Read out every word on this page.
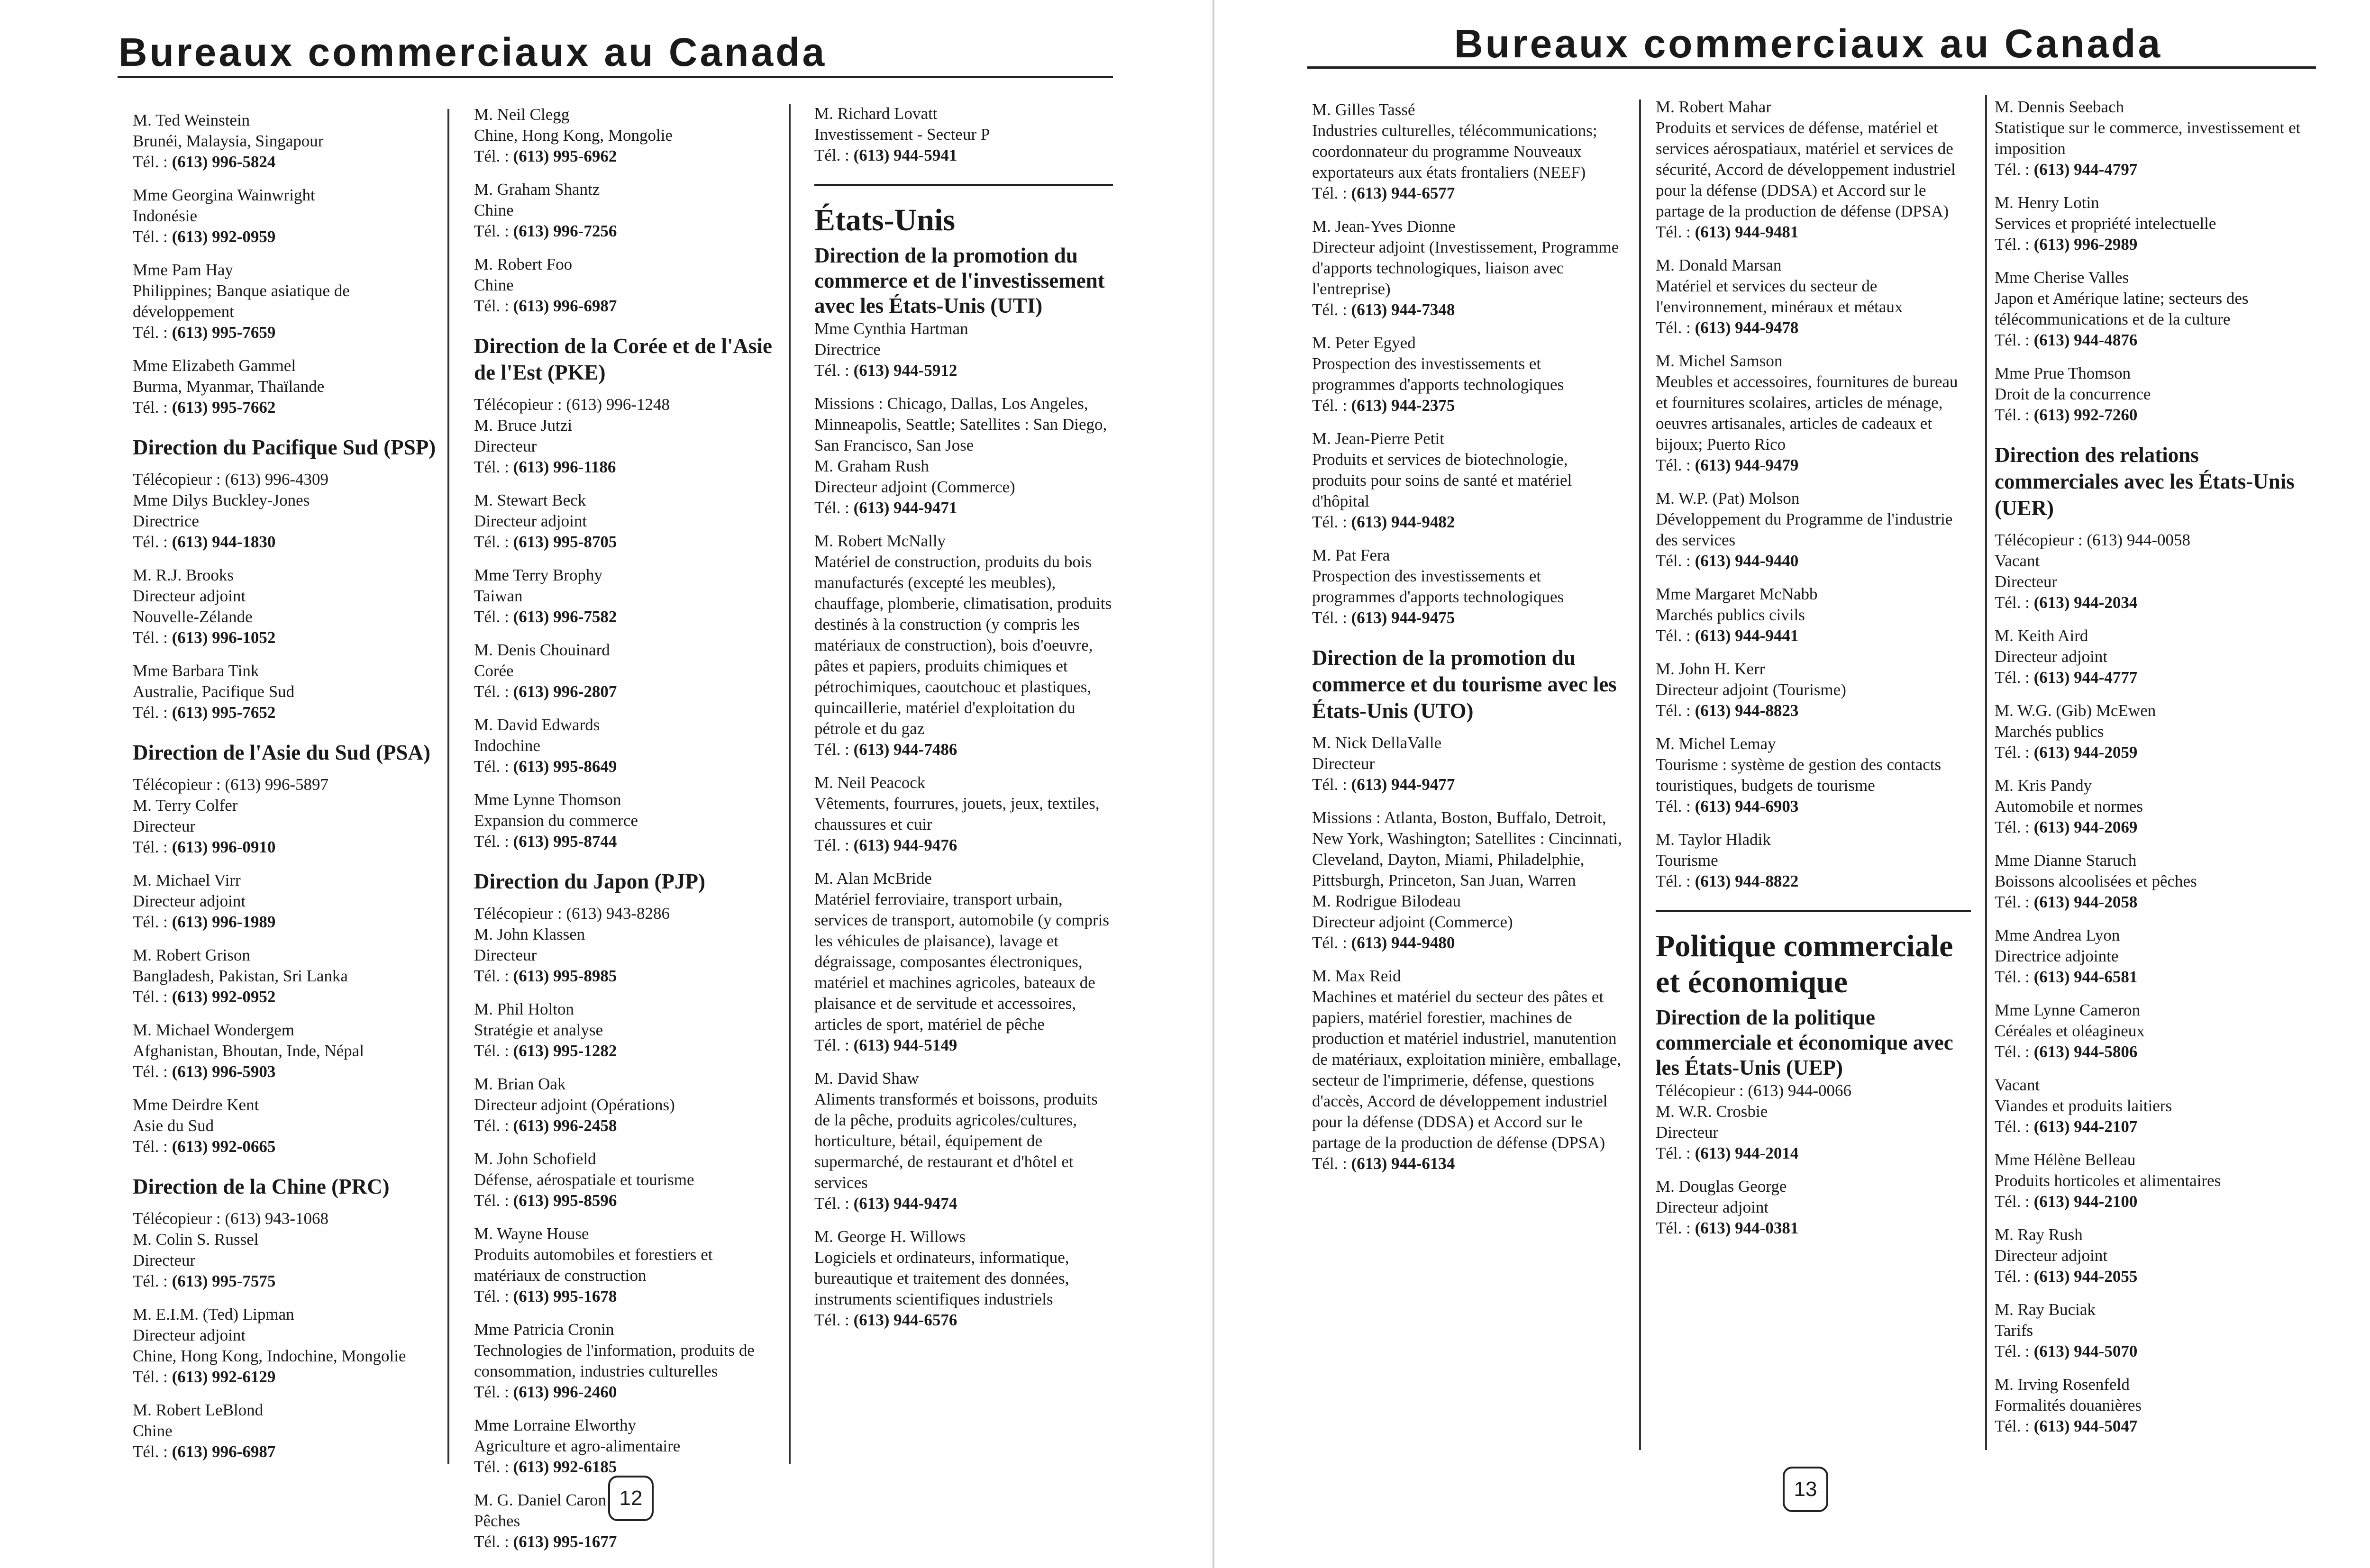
Bureaux commerciaux au Canada

M. Ted Weinstein

Brunéi, Malaysia, Singapour

Tél. : (613) 996-5824

Mme Georgina Wainwright

Indonésie

Tél. : (613) 992-0959

Mme Pam Hay

Philippines; Banque asiatique de développement

Tél. : (613) 995-7659

Mme Elizabeth Gammel

Burma, Myanmar, Thaïlande

Tél. : (613) 995-7662

Direction du Pacifique Sud (PSP)

Télécopieur : (613) 996-4309

Mme Dilys Buckley-Jones

Directrice

Tél. : (613) 944-1830

M. R.J. Brooks

Directeur adjoint

Nouvelle-Zélande

Tél. : (613) 996-1052

Mme Barbara Tink

Australie, Pacifique Sud

Tél. : (613) 995-7652

Direction de l'Asie du Sud (PSA)

Télécopieur : (613) 996-5897

M. Terry Colfer

Directeur

Tél. : (613) 996-0910

M. Michael Virr

Directeur adjoint

Tél. : (613) 996-1989

M. Robert Grison

Bangladesh, Pakistan, Sri Lanka

Tél. : (613) 992-0952

M. Michael Wondergem

Afghanistan, Bhoutan, Inde, Népal

Tél. : (613) 996-5903

Mme Deirdre Kent

Asie du Sud

Tél. : (613) 992-0665

Direction de la Chine (PRC)

Télécopieur : (613) 943-1068

M. Colin S. Russel

Directeur

Tél. : (613) 995-7575

M. E.I.M. (Ted) Lipman

Directeur adjoint

Chine, Hong Kong, Indochine, Mongolie

Tél. : (613) 992-6129

M. Robert LeBlond

Chine

Tél. : (613) 996-6987

M. Neil Clegg

Chine, Hong Kong, Mongolie

Tél. : (613) 995-6962

M. Graham Shantz

Chine

Tél. : (613) 996-7256

M. Robert Foo

Chine

Tél. : (613) 996-6987

Direction de la Corée et de l'Asie de l'Est (PKE)

Télécopieur : (613) 996-1248

M. Bruce Jutzi

Directeur

Tél. : (613) 996-1186

M. Stewart Beck

Directeur adjoint

Tél. : (613) 995-8705

Mme Terry Brophy

Taiwan

Tél. : (613) 996-7582

M. Denis Chouinard

Corée

Tél. : (613) 996-2807

M. David Edwards

Indochine

Tél. : (613) 995-8649

Mme Lynne Thomson

Expansion du commerce

Tél. : (613) 995-8744

Direction du Japon (PJP)

Télécopieur : (613) 943-8286

M. John Klassen

Directeur

Tél. : (613) 995-8985

M. Phil Holton

Stratégie et analyse

Tél. : (613) 995-1282

M. Brian Oak

Directeur adjoint (Opérations)

Tél. : (613) 996-2458

M. John Schofield

Défense, aérospatiale et tourisme

Tél. : (613) 995-8596

M. Wayne House

Produits automobiles et forestiers et matériaux de construction

Tél. : (613) 995-1678

Mme Patricia Cronin

Technologies de l'information, produits de consommation, industries culturelles

Tél. : (613) 996-2460

Mme Lorraine Elworthy

Agriculture et agro-alimentaire

Tél. : (613) 992-6185

M. G. Daniel Caron

Pêches

Tél. : (613) 995-1677

M. Richard Lovatt

Investissement - Secteur P

Tél. : (613) 944-5941

États-Unis

Direction de la promotion du commerce et de l'investissement avec les États-Unis (UTI)

Mme Cynthia Hartman

Directrice

Tél. : (613) 944-5912

Missions : Chicago, Dallas, Los Angeles, Minneapolis, Seattle; Satellites : San Diego, San Francisco, San Jose

M. Graham Rush

Directeur adjoint (Commerce)

Tél. : (613) 944-9471

M. Robert McNally

Matériel de construction, produits du bois manufacturés (excepté les meubles), chauffage, plomberie, climatisation, produits destinés à la construction (y compris les matériaux de construction), bois d'oeuvre, pâtes et papiers, produits chimiques et pétrochimiques, caoutchouc et plastiques, quincaillerie, matériel d'exploitation du pétrole et du gaz

Tél. : (613) 944-7486

M. Neil Peacock

Vêtements, fourrures, jouets, jeux, textiles, chaussures et cuir

Tél. : (613) 944-9476

M. Alan McBride

Matériel ferroviaire, transport urbain, services de transport, automobile (y compris les véhicules de plaisance), lavage et dégraissage, composantes électroniques, matériel et machines agricoles, bateaux de plaisance et de servitude et accessoires, articles de sport, matériel de pêche

Tél. : (613) 944-5149

M. David Shaw

Aliments transformés et boissons, produits de la pêche, produits agricoles/cultures, horticulture, bétail, équipement de supermarché, de restaurant et d'hôtel et services

Tél. : (613) 944-9474

M. George H. Willows

Logiciels et ordinateurs, informatique, bureautique et traitement des données, instruments scientifiques industriels

Tél. : (613) 944-6576

12
Bureaux commerciaux au Canada

M. Gilles Tassé

Industries culturelles, télécommunications; coordonnateur du programme Nouveaux exportateurs aux états frontaliers (NEEF)

Tél. : (613) 944-6577

M. Jean-Yves Dionne

Directeur adjoint (Investissement, Programme d'apports technologiques, liaison avec l'entreprise)

Tél. : (613) 944-7348

M. Peter Egyed

Prospection des investissements et programmes d'apports technologiques

Tél. : (613) 944-2375

M. Jean-Pierre Petit

Produits et services de biotechnologie, produits pour soins de santé et matériel d'hôpital

Tél. : (613) 944-9482

M. Pat Fera

Prospection des investissements et programmes d'apports technologiques

Tél. : (613) 944-9475

Direction de la promotion du commerce et du tourisme avec les États-Unis (UTO)

M. Nick DellaValle

Directeur

Tél. : (613) 944-9477

Missions : Atlanta, Boston, Buffalo, Detroit, New York, Washington; Satellites : Cincinnati, Cleveland, Dayton, Miami, Philadelphie, Pittsburgh, Princeton, San Juan, Warren

M. Rodrigue Bilodeau

Directeur adjoint (Commerce)

Tél. : (613) 944-9480

M. Max Reid

Machines et matériel du secteur des pâtes et papiers, matériel forestier, machines de production et matériel industriel, manutention de matériaux, exploitation minière, emballage, secteur de l'imprimerie, défense, questions d'accès, Accord de développement industriel pour la défense (DDSA) et Accord sur le partage de la production de défense (DPSA)

Tél. : (613) 944-6134

M. Robert Mahar

Produits et services de défense, matériel et services aérospatiaux, matériel et services de sécurité, Accord de développement industriel pour la défense (DDSA) et Accord sur le partage de la production de défense (DPSA)

Tél. : (613) 944-9481

M. Donald Marsan

Matériel et services du secteur de l'environnement, minéraux et métaux

Tél. : (613) 944-9478

M. Michel Samson

Meubles et accessoires, fournitures de bureau et fournitures scolaires, articles de ménage, oeuvres artisanales, articles de cadeaux et bijoux; Puerto Rico

Tél. : (613) 944-9479

M. W.P. (Pat) Molson

Développement du Programme de l'industrie des services

Tél. : (613) 944-9440

Mme Margaret McNabb

Marchés publics civils

Tél. : (613) 944-9441

M. John H. Kerr

Directeur adjoint (Tourisme)

Tél. : (613) 944-8823

M. Michel Lemay

Tourisme : système de gestion des contacts touristiques, budgets de tourisme

Tél. : (613) 944-6903

M. Taylor Hladik

Tourisme

Tél. : (613) 944-8822

Politique commerciale et économique

Direction de la politique commerciale et économique avec les États-Unis (UEP)

Télécopieur : (613) 944-0066

M. W.R. Crosbie

Directeur

Tél. : (613) 944-2014

M. Douglas George

Directeur adjoint

Tél. : (613) 944-0381

M. Dennis Seebach

Statistique sur le commerce, investissement et imposition

Tél. : (613) 944-4797

M. Henry Lotin

Services et propriété intelectuelle

Tél. : (613) 996-2989

Mme Cherise Valles

Japon et Amérique latine; secteurs des télécommunications et de la culture

Tél. : (613) 944-4876

Mme Prue Thomson

Droit de la concurrence

Tél. : (613) 992-7260

Direction des relations commerciales avec les États-Unis (UER)

Télécopieur : (613) 944-0058

Vacant

Directeur

Tél. : (613) 944-2034

M. Keith Aird

Directeur adjoint

Tél. : (613) 944-4777

M. W.G. (Gib) McEwen

Marchés publics

Tél. : (613) 944-2059

M. Kris Pandy

Automobile et normes

Tél. : (613) 944-2069

Mme Dianne Staruch

Boissons alcoolisées et pêches

Tél. : (613) 944-2058

Mme Andrea Lyon

Directrice adjointe

Tél. : (613) 944-6581

Mme Lynne Cameron

Céréales et oléagineux

Tél. : (613) 944-5806

Vacant

Viandes et produits laitiers

Tél. : (613) 944-2107

Mme Hélène Belleau

Produits horticoles et alimentaires

Tél. : (613) 944-2100

M. Ray Rush

Directeur adjoint

Tél. : (613) 944-2055

M. Ray Buciak

Tarifs

Tél. : (613) 944-5070

M. Irving Rosenfeld

Formalités douanières

Tél. : (613) 944-5047

13
